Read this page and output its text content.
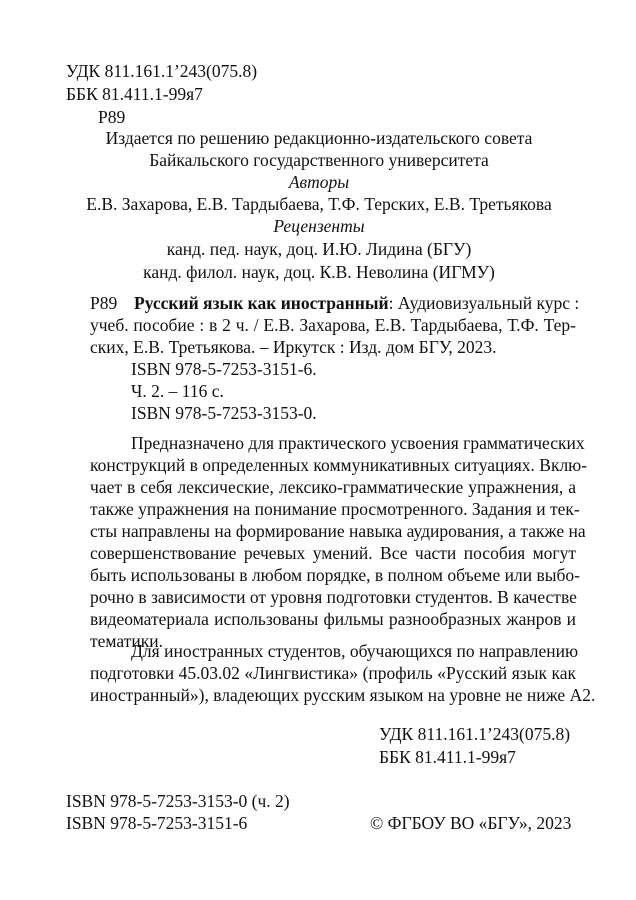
УДК 811.161.1’243(075.8)
ББК 81.411.1-99я7
Р89
Издается по решению редакционно-издательского совета
Байкальского государственного университета
Авторы
Е.В. Захарова, Е.В. Тардыбаева, Т.Ф. Терских, Е.В. Третьякова
Рецензенты
канд. пед. наук, доц. И.Ю. Лидина (БГУ)
канд. филол. наук, доц. К.В. Неволина (ИГМУ)
Р89 Русский язык как иностранный : Аудиовизуальный курс :
учеб. пособие : в 2 ч. / Е.В. Захарова, Е.В. Тардыбаева, Т.Ф. Тер-
ских, Е.В. Третьякова. – Иркутск : Изд. дом БГУ, 2023.
ISBN 978-5-7253-3151-6.
Ч. 2. – 116 с.
ISBN 978-5-7253-3153-0.
Предназначено для практического усвоения грамматических
конструкций в определенных коммуникативных ситуациях. Вклю-
чает в себя лексические, лексико-грамматические упражнения, а
также упражнения на понимание просмотренного. Задания и тек-
сты направлены на формирование навыка аудирования, а также на
совершенствование речевых умений. Все части пособия могут
быть использованы в любом порядке, в полном объеме или выбо-
рочно в зависимости от уровня подготовки студентов. В качестве
видеоматериала использованы фильмы разнообразных жанров и
тематики.
Для иностранных студентов, обучающихся по направлению
подготовки 45.03.02 «Лингвистика» (профиль «Русский язык как
иностранный»), владеющих русским языком на уровне не ниже А2.
УДК 811.161.1’243(075.8)
ББК 81.411.1-99я7
ISBN 978-5-7253-3153-0 (ч. 2)
ISBN 978-5-7253-3151-6	© ФГБОУ ВО «БГУ», 2023
